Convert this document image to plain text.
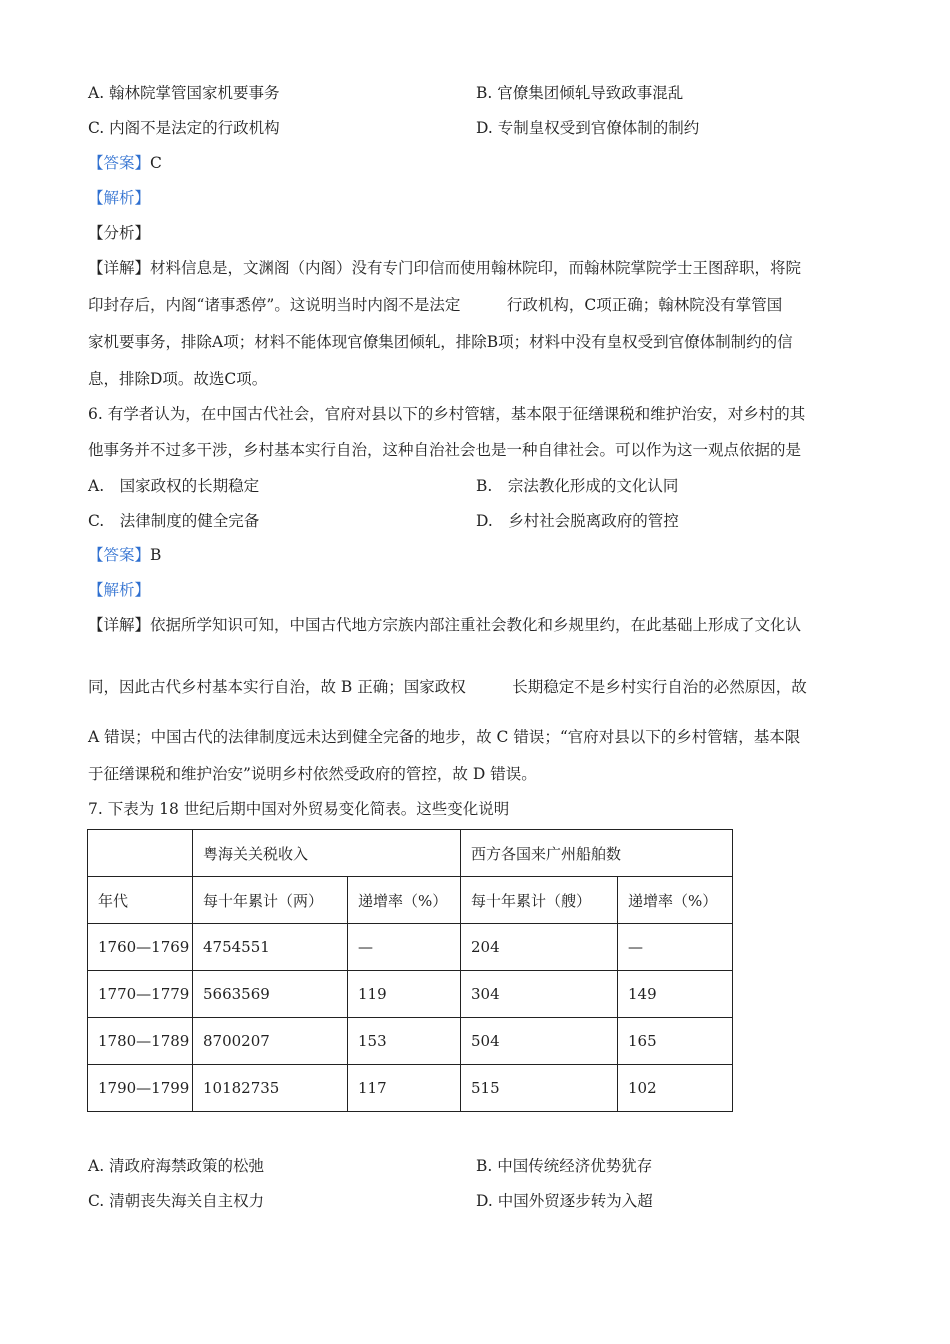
A. 翰林院掌管国家机要事务	B. 官僚集团倾轧导致政事混乱
C. 内阁不是法定的行政机构	D. 专制皇权受到官僚体制的制约
【答案】C
【解析】
【分析】
【详解】材料信息是，文渊阁（内阁）没有专门印信而使用翰林院印，而翰林院掌院学士王图辞职，将院
印封存后，内阁“诸事悉停”。这说明当时内阁不是法定　　　行政机构，C项正确；翰林院没有掌管国
家机要事务，排除A项；材料不能体现官僚集团倾轧，排除B项；材料中没有皇权受到官僚体制制约的信
息，排除D项。故选C项。
6. 有学者认为，在中国古代社会，官府对县以下的乡村管辖，基本限于征缮课税和维护治安，对乡村的其
他事务并不过多干涉，乡村基本实行自治，这种自治社会也是一种自律社会。可以作为这一观点依据的是
A.　国家政权的长期稳定	B.　宗法教化形成的文化认同
C.　法律制度的健全完备	D.　乡村社会脱离政府的管控
【答案】B
【解析】
【详解】依据所学知识可知，中国古代地方宗族内部注重社会教化和乡规里约，在此基础上形成了文化认
同，因此古代乡村基本实行自治，故 B 正确；国家政权　　　长期稳定不是乡村实行自治的必然原因，故
A 错误；中国古代的法律制度远未达到健全完备的地步，故 C 错误；“官府对县以下的乡村管辖，基本限
于征缮课税和维护治安”说明乡村依然受政府的管控，故 D 错误。
7. 下表为 18 世纪后期中国对外贸易变化简表。这些变化说明
	粤海关关税收入		西方各国来广州船舶数	
年代	每十年累计（两）	递增率（%）	每十年累计（艘）	递增率（%）
1760—1769	4754551	—	204	—
1770—1779	5663569	119	304	149
1780—1789	8700207	153	504	165
1790—1799	10182735	117	515	102
A. 清政府海禁政策的松弛	B. 中国传统经济优势犹存
C. 清朝丧失海关自主权力	D. 中国外贸逐步转为入超
